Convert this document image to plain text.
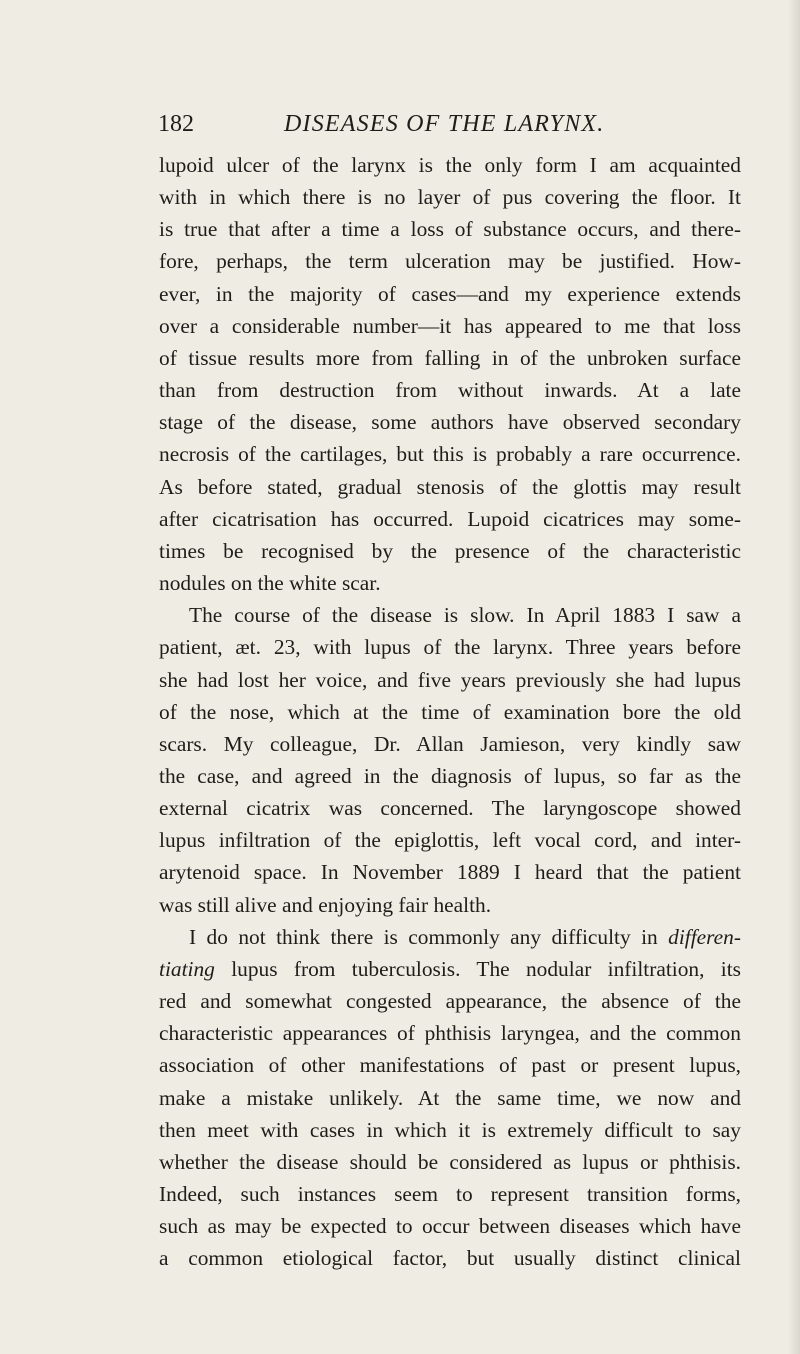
182	DISEASES OF THE LARYNX.
lupoid ulcer of the larynx is the only form I am acquainted
with in which there is no layer of pus covering the floor. It
is true that after a time a loss of substance occurs, and there-
fore, perhaps, the term ulceration may be justified. How-
ever, in the majority of cases—and my experience extends
over a considerable number—it has appeared to me that loss
of tissue results more from falling in of the unbroken surface
than from destruction from without inwards. At a late
stage of the disease, some authors have observed secondary
necrosis of the cartilages, but this is probably a rare occurrence.
As before stated, gradual stenosis of the glottis may result
after cicatrisation has occurred. Lupoid cicatrices may some-
times be recognised by the presence of the characteristic
nodules on the white scar.
The course of the disease is slow. In April 1883 I saw a
patient, æt. 23, with lupus of the larynx. Three years before
she had lost her voice, and five years previously she had lupus
of the nose, which at the time of examination bore the old
scars. My colleague, Dr. Allan Jamieson, very kindly saw
the case, and agreed in the diagnosis of lupus, so far as the
external cicatrix was concerned. The laryngoscope showed
lupus infiltration of the epiglottis, left vocal cord, and inter-
arytenoid space. In November 1889 I heard that the patient
was still alive and enjoying fair health.
I do not think there is commonly any difficulty in differen-
tiating lupus from tuberculosis. The nodular infiltration, its
red and somewhat congested appearance, the absence of the
characteristic appearances of phthisis laryngea, and the common
association of other manifestations of past or present lupus,
make a mistake unlikely. At the same time, we now and
then meet with cases in which it is extremely difficult to say
whether the disease should be considered as lupus or phthisis.
Indeed, such instances seem to represent transition forms,
such as may be expected to occur between diseases which have
a common etiological factor, but usually distinct clinical
